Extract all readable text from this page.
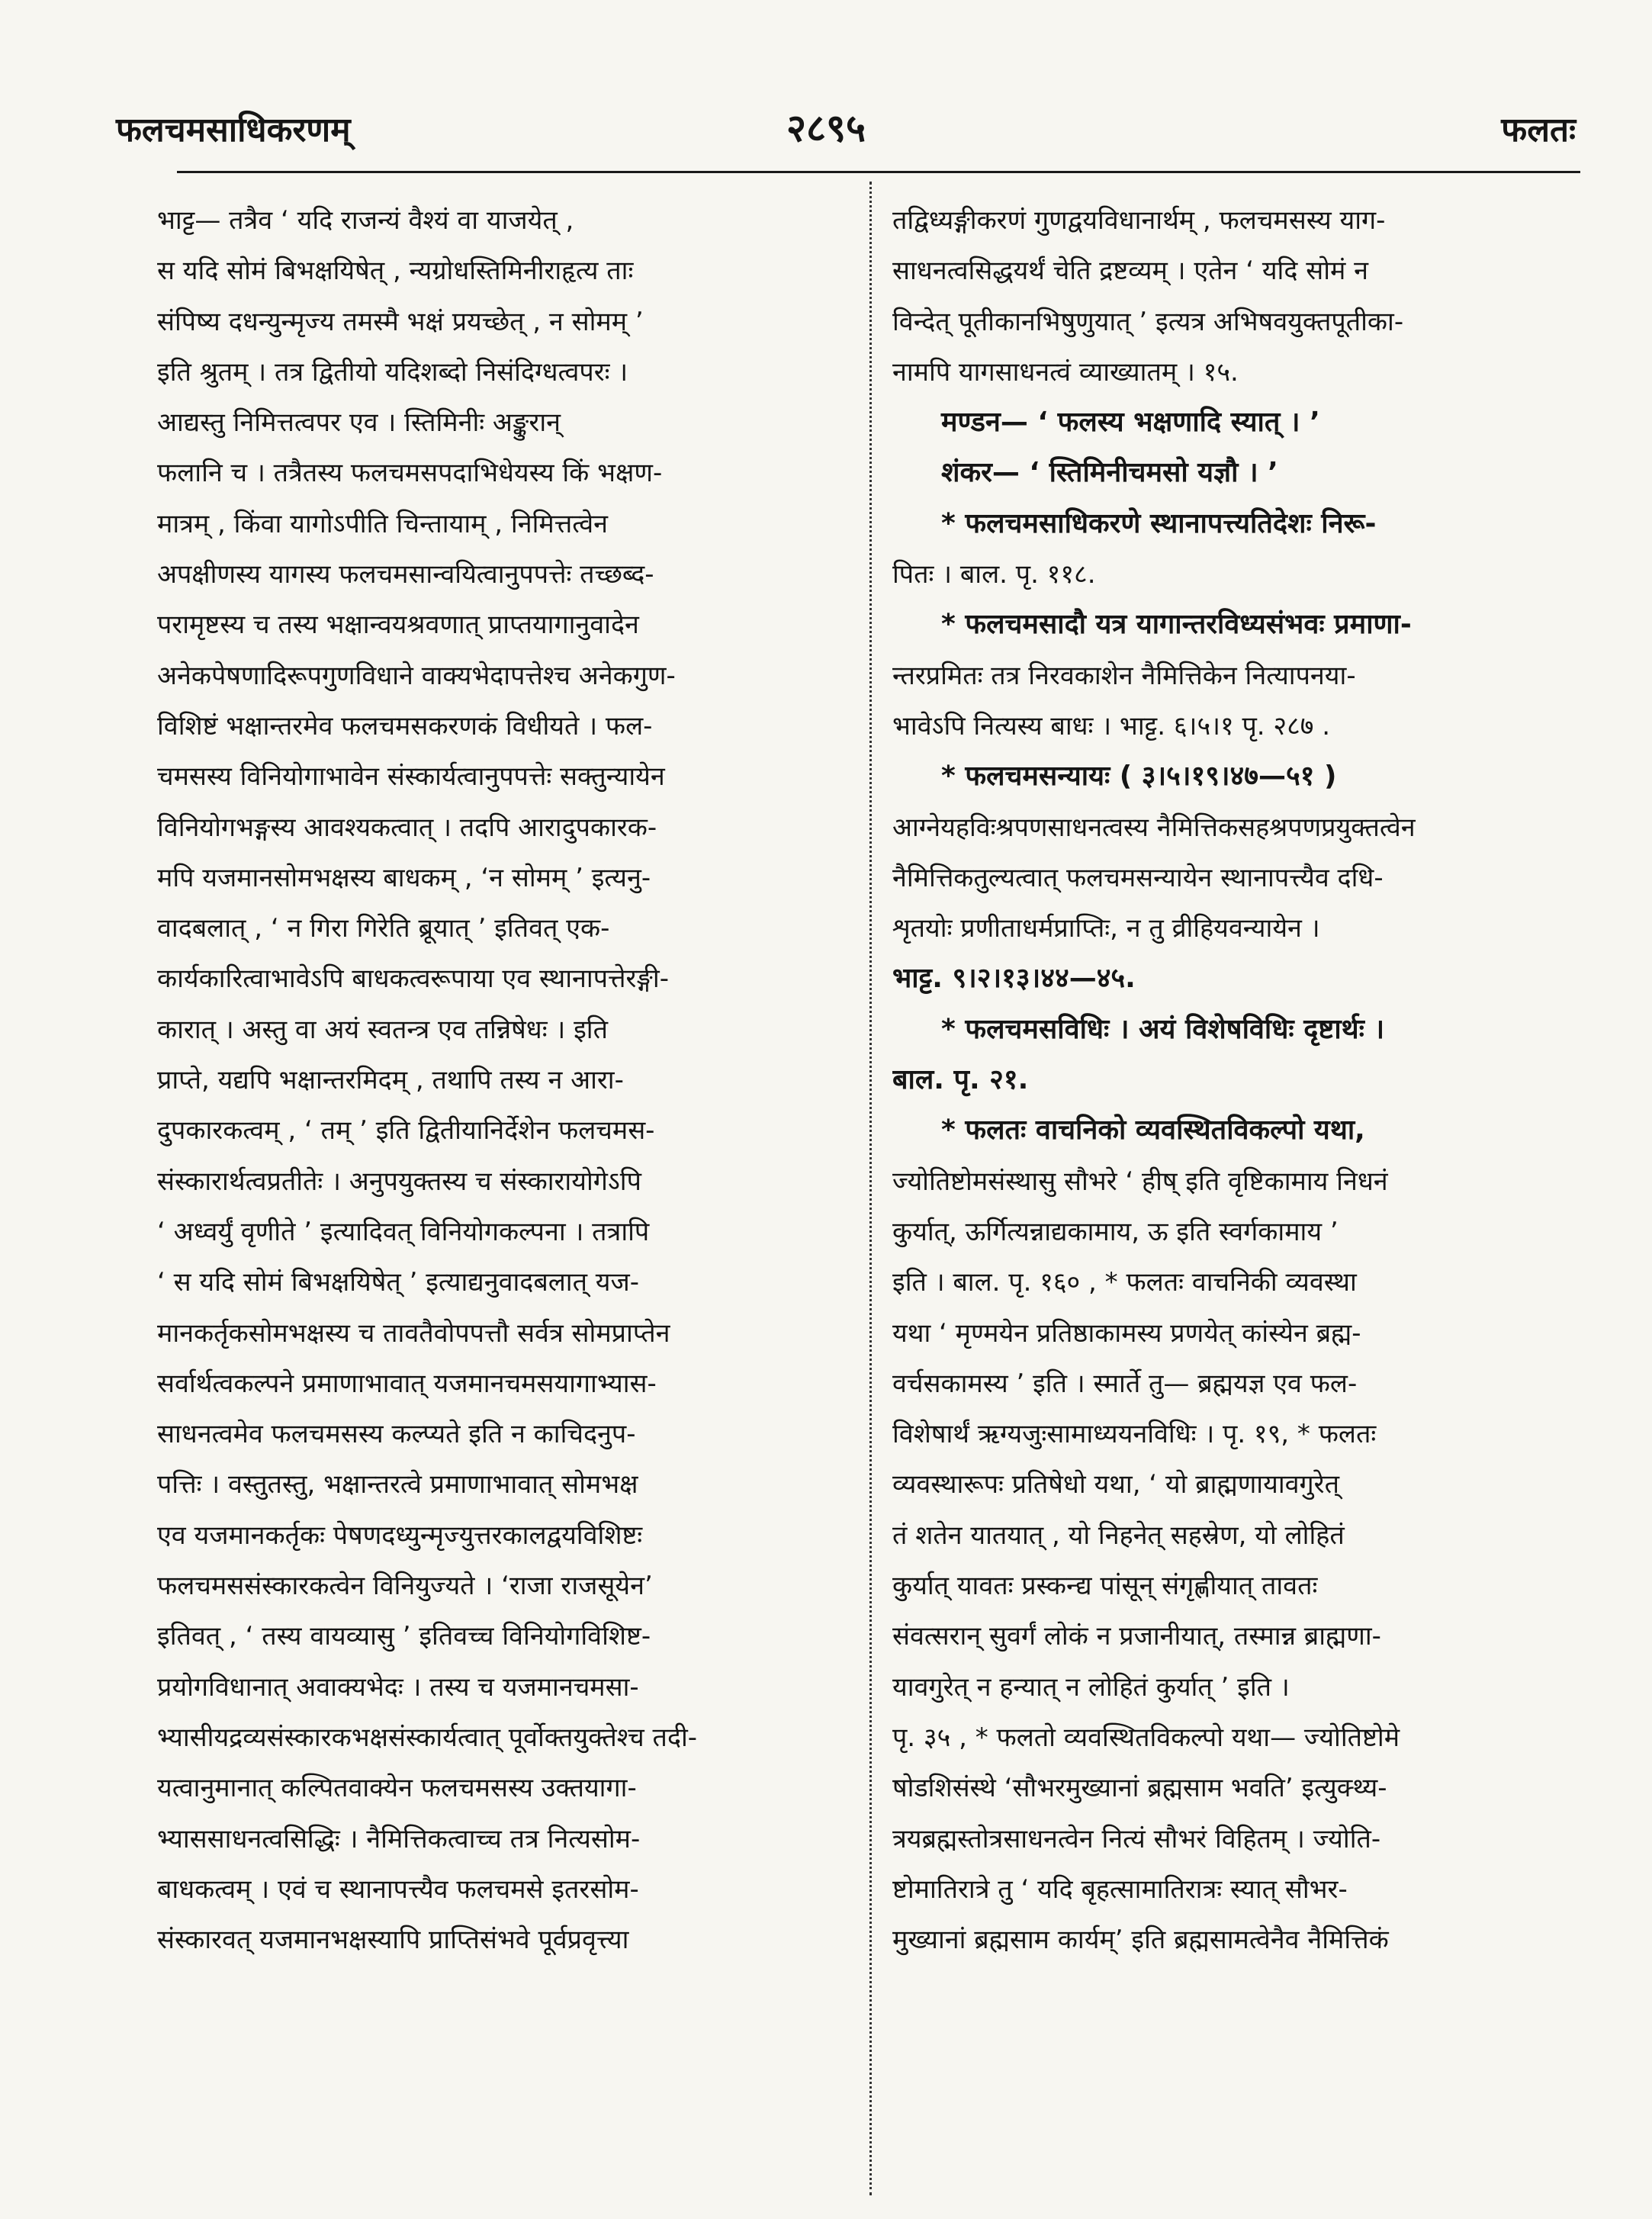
फलचमसाधिकरणम्	२८९५	फलतः
भाट्ट— तत्रैव ‘ यदि राजन्यं वैश्यं वा याजयेत् ,
स यदि सोमं बिभक्षयिषेत् , न्यग्रोधस्तिमिनीराहृत्य ताः
संपिष्य दधन्युन्मृज्य तमस्मै भक्षं प्रयच्छेत् , न सोमम् ’
इति श्रुतम् । तत्र द्वितीयो यदिशब्दो निसंदिग्धत्वपरः ।
आद्यस्तु निमित्तत्वपर एव । स्तिमिनीः अङ्कुरान्
फलानि च । तत्रैतस्य फलचमसपदाभिधेयस्य किं भक्षण-
मात्रम् , किंवा यागोऽपीति चिन्तायाम् , निमित्तत्वेन
अपक्षीणस्य यागस्य फलचमसान्वयित्वानुपपत्तेः तच्छब्द-
परामृष्टस्य च तस्य भक्षान्वयश्रवणात् प्राप्तयागानुवादेन
अनेकपेषणादिरूपगुणविधाने वाक्यभेदापत्तेश्च अनेकगुण-
विशिष्टं भक्षान्तरमेव फलचमसकरणकं विधीयते । फल-
चमसस्य विनियोगाभावेन संस्कार्यत्वानुपपत्तेः सक्तुन्यायेन
विनियोगभङ्गस्य आवश्यकत्वात् । तदपि आरादुपकारक-
मपि यजमानसोमभक्षस्य बाधकम् , ‘न सोमम् ’ इत्यनु-
वादबलात् , ‘ न गिरा गिरेति ब्रूयात् ’ इतिवत् एक-
कार्यकारित्वाभावेऽपि बाधकत्वरूपाया एव स्थानापत्तेरङ्गी-
कारात् । अस्तु वा अयं स्वतन्त्र एव तन्निषेधः । इति
प्राप्ते, यद्यपि भक्षान्तरमिदम् , तथापि तस्य न आरा-
दुपकारकत्वम् , ‘ तम् ’ इति द्वितीयानिर्देशेन फलचमस-
संस्कारार्थत्वप्रतीतेः । अनुपयुक्तस्य च संस्कारायोगेऽपि
‘ अध्वर्युं वृणीते ’ इत्यादिवत् विनियोगकल्पना । तत्रापि
‘ स यदि सोमं बिभक्षयिषेत् ’ इत्याद्यनुवादबलात् यज-
मानकर्तृकसोमभक्षस्य च तावतैवोपपत्तौ सर्वत्र सोमप्राप्तेन
सर्वार्थत्वकल्पने प्रमाणाभावात् यजमानचमसयागाभ्यास-
साधनत्वमेव फलचमसस्य कल्प्यते इति न काचिदनुप-
पत्तिः । वस्तुतस्तु, भक्षान्तरत्वे प्रमाणाभावात् सोमभक्ष
एव यजमानकर्तृकः पेषणदध्युन्मृज्युत्तरकालद्वयविशिष्टः
फलचमससंस्कारकत्वेन विनियुज्यते । ‘राजा राजसूयेन’
इतिवत् , ‘ तस्य वायव्यासु ’ इतिवच्च विनियोगविशिष्ट-
प्रयोगविधानात् अवाक्यभेदः । तस्य च यजमानचमसा-
भ्यासीयद्रव्यसंस्कारकभक्षसंस्कार्यत्वात् पूर्वोक्तयुक्तेश्च तदी-
यत्वानुमानात् कल्पितवाक्येन फलचमसस्य उक्तयागा-
भ्याससाधनत्वसिद्धिः । नैमित्तिकत्वाच्च तत्र नित्यसोम-
बाधकत्वम् । एवं च स्थानापत्त्यैव फलचमसे इतरसोम-
संस्कारवत् यजमानभक्षस्यापि प्राप्तिसंभवे पूर्वप्रवृत्त्या
तद्विध्यङ्गीकरणं गुणद्वयविधानार्थम् , फलचमसस्य याग-
साधनत्वसिद्धयर्थं चेति द्रष्टव्यम् । एतेन ‘ यदि सोमं न
विन्देत् पूतीकानभिषुणुयात् ’ इत्यत्र अभिषवयुक्तपूतीका-
नामपि यागसाधनत्वं व्याख्यातम् । १५.
मण्डन— ‘ फलस्य भक्षणादि स्यात् । ’
शंकर— ‘ स्तिमिनीचमसो यज्ञौ । ’
* फलचमसाधिकरणे स्थानापत्त्यतिदेशः निरू-
पितः । बाल. पृ. ११८.
* फलचमसादौ यत्र यागान्तरविध्यसंभवः प्रमाणा-
न्तरप्रमितः तत्र निरवकाशेन नैमित्तिकेन नित्यापनया-
भावेऽपि नित्यस्य बाधः । भाट्ट. ६।५।१ पृ. २८७ .
* फलचमसन्यायः ( ३।५।१९।४७—५१ )
आग्नेयहविःश्रपणसाधनत्वस्य नैमित्तिकसहश्रपणप्रयुक्तत्वेन
नैमित्तिकतुल्यत्वात् फलचमसन्यायेन स्थानापत्त्यैव दधि-
शृतयोः प्रणीताधर्मप्राप्तिः, न तु व्रीहियवन्यायेन ।
भाट्ट. ९।२।१३।४४—४५.
* फलचमसविधिः । अयं विशेषविधिः दृष्टार्थः ।
बाल. पृ. २१.
* फलतः वाचनिको व्यवस्थितविकल्पो यथा,
ज्योतिष्टोमसंस्थासु सौभरे ‘ हीष् इति वृष्टिकामाय निधनं
कुर्यात्, ऊर्गित्यन्नाद्यकामाय, ऊ इति स्वर्गकामाय ’
इति । बाल. पृ. १६० , * फलतः वाचनिकी व्यवस्था
यथा ‘ मृण्मयेन प्रतिष्ठाकामस्य प्रणयेत् कांस्येन ब्रह्म-
वर्चसकामस्य ’ इति । स्मार्ते तु— ब्रह्मयज्ञ एव फल-
विशेषार्थं ऋग्यजुःसामाध्ययनविधिः । पृ. १९, * फलतः
व्यवस्थारूपः प्रतिषेधो यथा, ‘ यो ब्राह्मणायावगुरेत्
तं शतेन यातयात् , यो निहनेत् सहस्रेण, यो लोहितं
कुर्यात् यावतः प्रस्कन्द्य पांसून् संगृह्णीयात् तावतः
संवत्सरान् सुवर्गं लोकं न प्रजानीयात्, तस्मान्न ब्राह्मणा-
यावगुरेत् न हन्यात् न लोहितं कुर्यात् ’ इति ।
पृ. ३५ , * फलतो व्यवस्थितविकल्पो यथा— ज्योतिष्टोमे
षोडशिसंस्थे ‘सौभरमुख्यानां ब्रह्मसाम भवति’ इत्युक्थ्य-
त्रयब्रह्मस्तोत्रसाधनत्वेन नित्यं सौभरं विहितम् । ज्योति-
ष्टोमातिरात्रे तु ‘ यदि बृहत्सामातिरात्रः स्यात् सौभर-
मुख्यानां ब्रह्मसाम कार्यम्’ इति ब्रह्मसामत्वेनैव नैमित्तिकं
